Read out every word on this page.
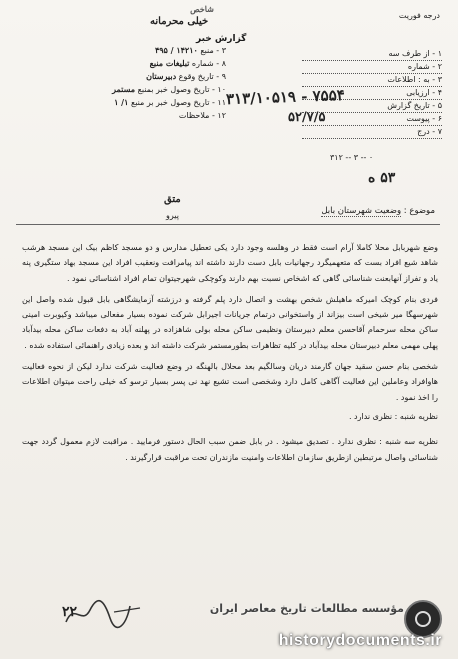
شاخص
خیلی محرمانه
گزارش خبر
درجه فوریت
۱ - از طرف سه
۲ - شماره
۳ - به : اطلاعات
۴ - ارزیابی
۵ - تاریخ گزارش
۶ - پیوست
۷ - درج
۳ - منبع ۱۴۲۱۰ / ۴۹۵
۸ - شماره تبلیغات منبع
۹ - تاریخ وقوع دبیرستان
۱۰ - تاریخ وصول خبر بمنبع مستمر
۱۱ - تاریخ وصول خبر بر منبع ۱/ ۱
۱۲ - ملاحظات
۳۱۳/۱۰۵۱۹ - ۷۵۵۴
۵۲/۷/۵
۳۱۲ -- ۳ -- ۰
۵۳ ه
متق
پیرو	موضوع : وضعیت شهرستان بابل

وضع شهربابل محلا کاملا آرام است فقط در وهلسه وجود دارد یکی تعطیل مدارس و دو مسجد کاظم بیک این مسجد هرشب شاهد شیع افراد بست که متعهمیگرد رجهانیات بابل دست دارند داشته اند پیامرافت ونعقیب افراد این مسجد بهاد ستگیری پنه یاد و تفراز آنهابعنت شناسائی گاهی که اشخاص نسبت بهم دارند وکوچکی شهرجیتوان تمام افراد اشناسائی نمود .

فردی بنام کوچک امیرکه ماهیلش شخص بهشت و اتصال دارد پلم گرفته و درزشته آزمایشگاهی بابل قبول شده واصل این شهرسهگا میر شیخی است بیزاند از واستخوانی درتمام جریانات اجیرابل شرکت نموده بسیار مفعالی میباشد وکیوبرت امینی ساکن محله سرحمام آقاحسن معلم دبیرستان ونظیمی ساکن محله بولی شاهزاده در پهلنه آباد به دفعات ساکن محله بیدآباد پهلی مهمی معلم دبیرستان محله بیدآباد در کلیه تظاهرات بطورمستمر شرکت داشته اند و بعده زیادی راهنمائی استفاده شده .

شخصی بنام حسن سقید جهان گارمند دریان وسالگیم بعد محلال بالهنگه در وضع فعالیت شرکت ندارد لیکن از نحوه فعالیت هاوافراد وعاملین این فعالیت آگاهی کامل دارد وشخصی است تشیع نهد نی پسر بسیار ترسو که خیلی راحت میتوان اطلاعات را اخذ نمود .

نظریه شنبه : نظری ندارد .

نظریه سه شنبه : نظری ندارد . تصدیق میشود . در بابل ضمن سبب الحال دستور فرمایید . مراقبت لازم معمول گردد جهت شناسائی واصال مرتبطین ازطریق سازمان اطلاعات وامنیت مازندران تحت مراقبت قرارگیرند .

۲۲	مؤسسه مطالعات تاریخ معاصر ایران
historydocuments.ir
